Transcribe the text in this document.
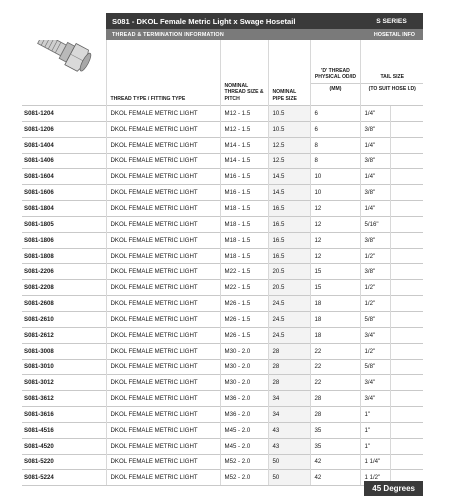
	S081 - DKOL Female Metric Light x Swage Hosetail				S SERIES	
	THREAD & TERMINATION INFORMATION				HOSETAIL INFO	
	THREAD TYPE / FITTING TYPE	NOMINAL THREAD SIZE & PITCH	NOMINAL PIPE SIZE	'D' THREAD PHYSICAL OD/ID	TAIL SIZE	
				(MM)	(TO SUIT HOSE I.D)	
S081-1204	DKOL FEMALE METRIC LIGHT	M12 - 1.5	10.5	6	1/4"	
S081-1206	DKOL FEMALE METRIC LIGHT	M12 - 1.5	10.5	6	3/8"	
S081-1404	DKOL FEMALE METRIC LIGHT	M14 - 1.5	12.5	8	1/4"	
S081-1406	DKOL FEMALE METRIC LIGHT	M14 - 1.5	12.5	8	3/8"	
S081-1604	DKOL FEMALE METRIC LIGHT	M16 - 1.5	14.5	10	1/4"	
S081-1606	DKOL FEMALE METRIC LIGHT	M16 - 1.5	14.5	10	3/8"	
S081-1804	DKOL FEMALE METRIC LIGHT	M18 - 1.5	16.5	12	1/4"	
S081-1805	DKOL FEMALE METRIC LIGHT	M18 - 1.5	16.5	12	5/16"	
S081-1806	DKOL FEMALE METRIC LIGHT	M18 - 1.5	16.5	12	3/8"	
S081-1808	DKOL FEMALE METRIC LIGHT	M18 - 1.5	16.5	12	1/2"	
S081-2206	DKOL FEMALE METRIC LIGHT	M22 - 1.5	20.5	15	3/8"	
S081-2208	DKOL FEMALE METRIC LIGHT	M22 - 1.5	20.5	15	1/2"	
S081-2608	DKOL FEMALE METRIC LIGHT	M26 - 1.5	24.5	18	1/2"	
S081-2610	DKOL FEMALE METRIC LIGHT	M26 - 1.5	24.5	18	5/8"	
S081-2612	DKOL FEMALE METRIC LIGHT	M26 - 1.5	24.5	18	3/4"	
S081-3008	DKOL FEMALE METRIC LIGHT	M30 - 2.0	28	22	1/2"	
S081-3010	DKOL FEMALE METRIC LIGHT	M30 - 2.0	28	22	5/8"	
S081-3012	DKOL FEMALE METRIC LIGHT	M30 - 2.0	28	22	3/4"	
S081-3612	DKOL FEMALE METRIC LIGHT	M36 - 2.0	34	28	3/4"	
S081-3616	DKOL FEMALE METRIC LIGHT	M36 - 2.0	34	28	1"	
S081-4516	DKOL FEMALE METRIC LIGHT	M45 - 2.0	43	35	1"	
S081-4520	DKOL FEMALE METRIC LIGHT	M45 - 2.0	43	35	1"	
S081-5220	DKOL FEMALE METRIC LIGHT	M52 - 2.0	50	42	1 1/4"	
S081-5224	DKOL FEMALE METRIC LIGHT	M52 - 2.0	50	42	1 1/2"	
45 Degrees
